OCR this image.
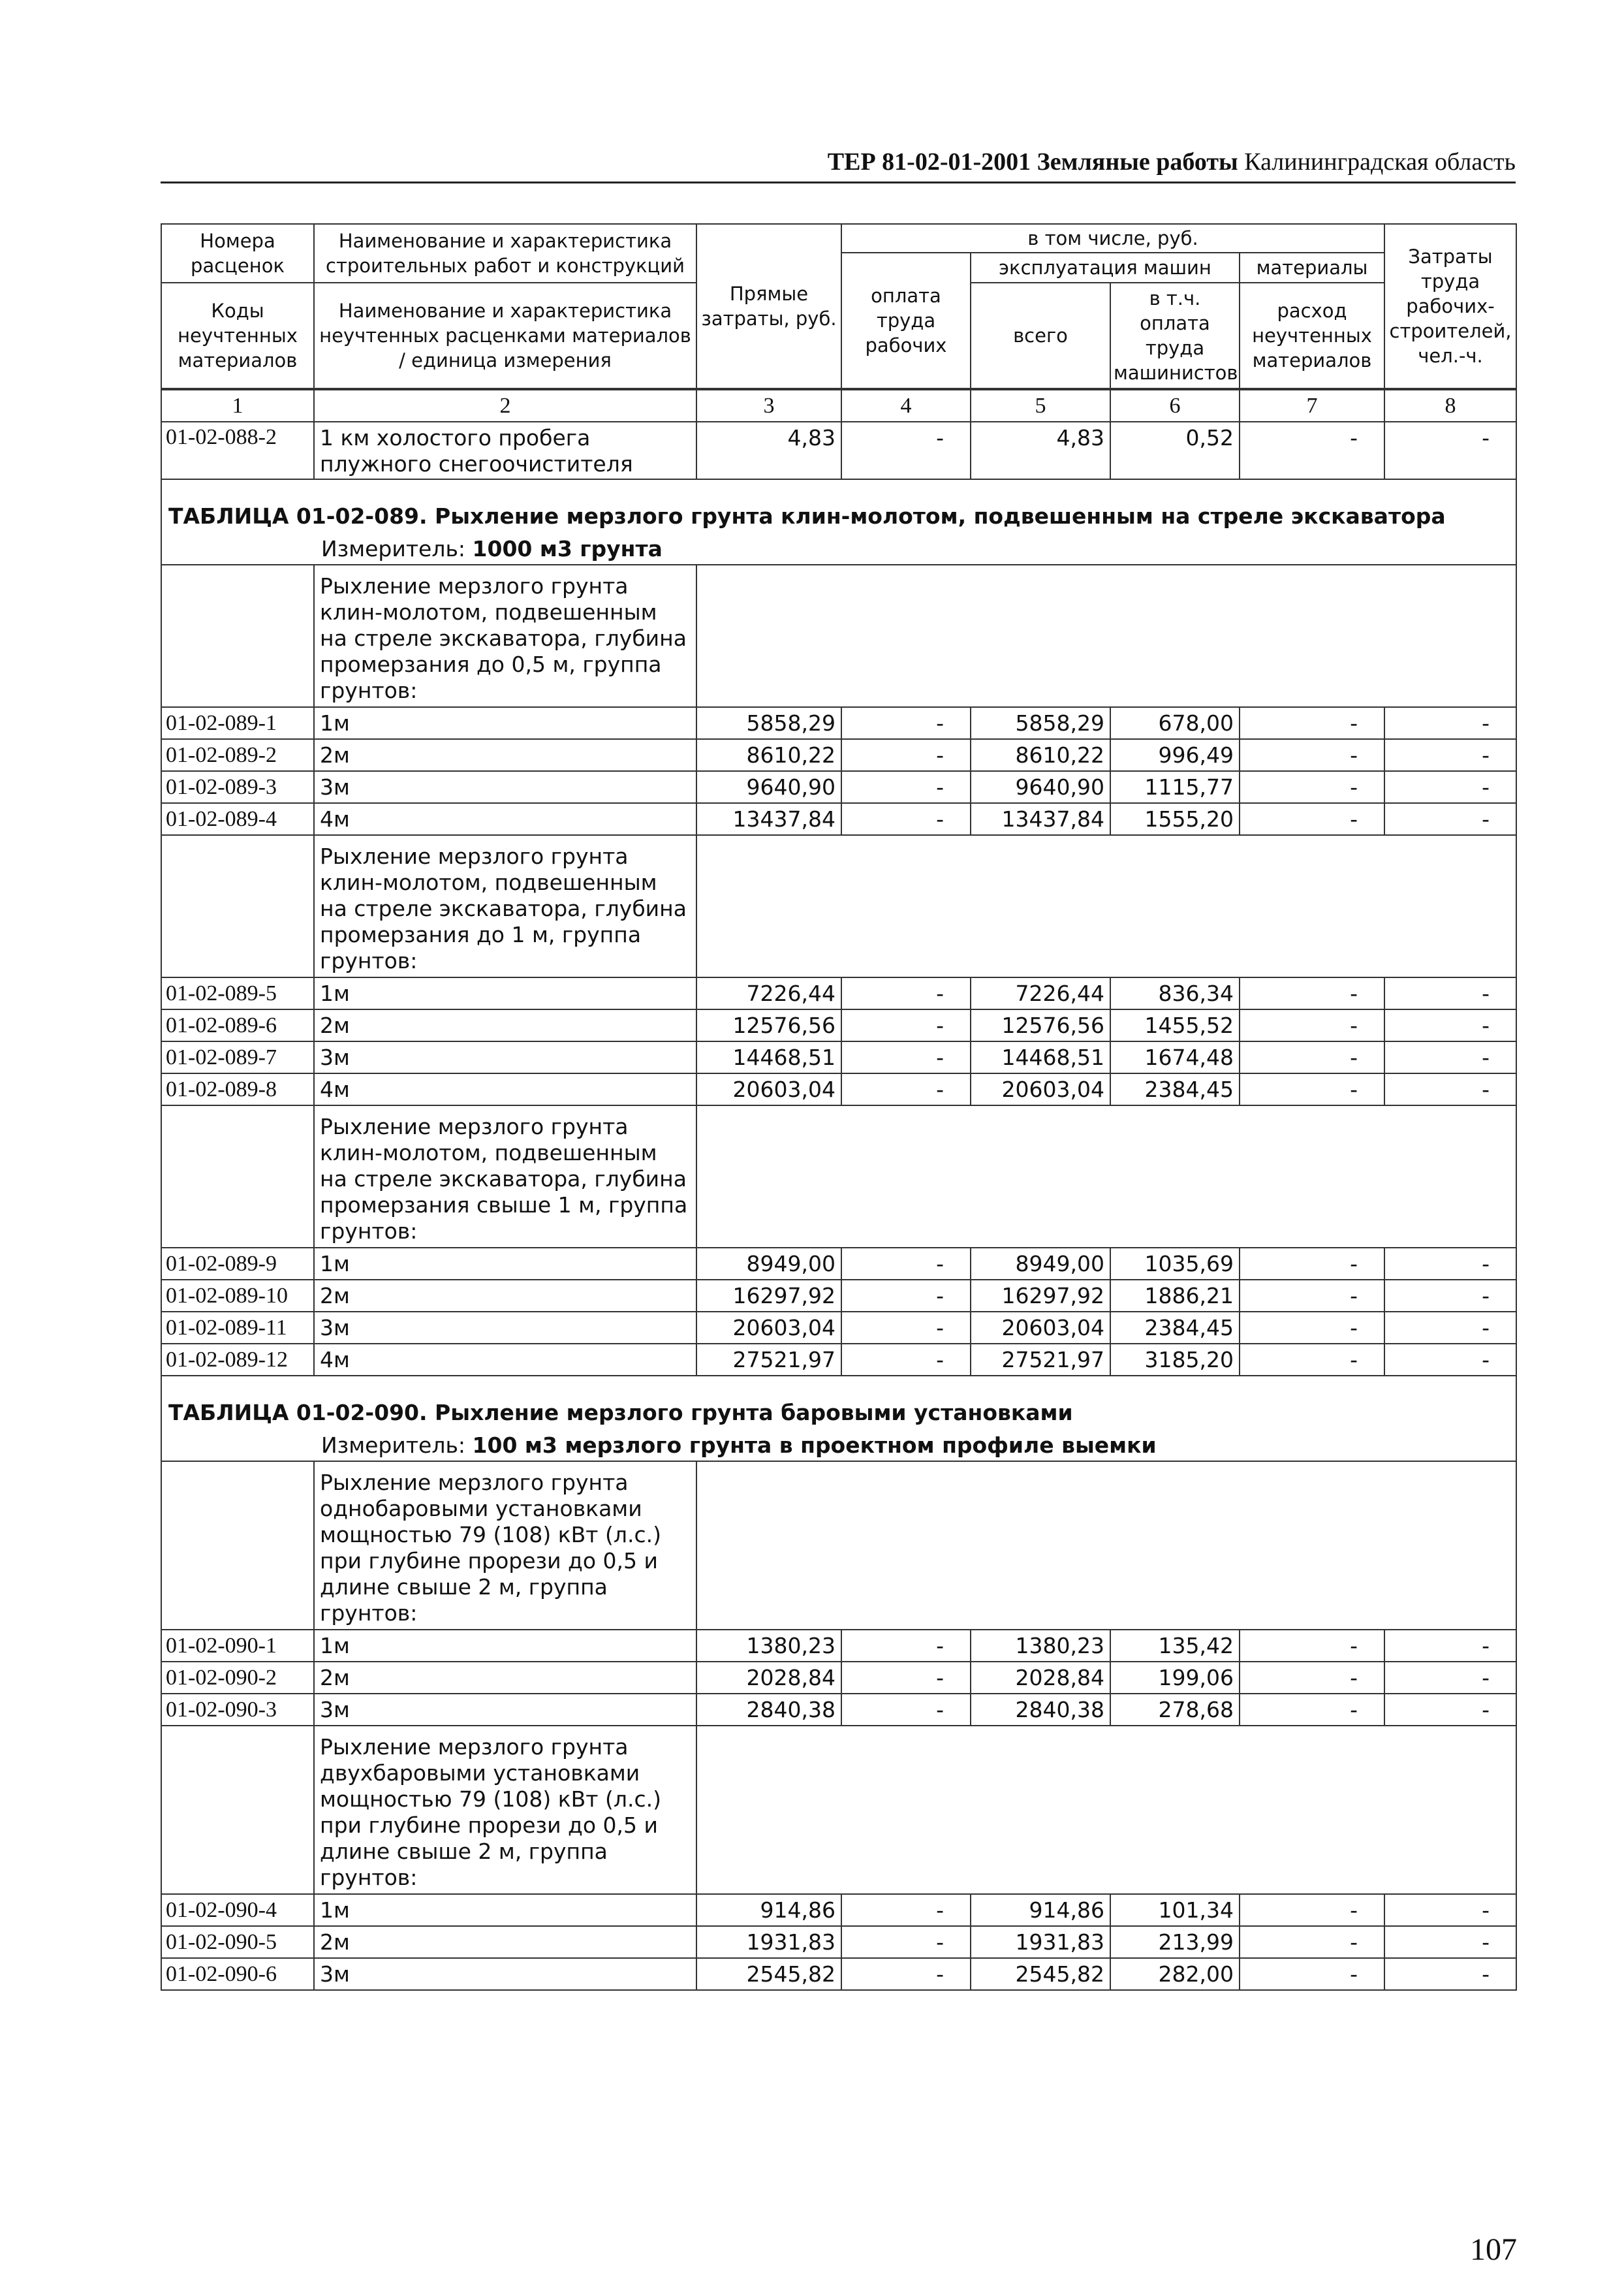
ТЕР 81-02-01-2001 Земляные работы Калининградская область
Номера расценок	Наименование и характеристика строительных работ и конструкций	Прямые затраты, руб.	в том числе, руб.				Затраты труда рабочих-строителей, чел.-ч.
			оплата труда рабочих	эксплуатация машин		материалы	
Коды неучтенных материалов	Наименование и характеристика неучтенных расценками материалов / единица измерения			всего	в т.ч. оплата труда машинистов	расход неучтенных материалов	

1	2	3	4	5	6	7	8
01-02-088-2	1 км холостого пробега плужного снегоочистителя	4,83	-	4,83	0,52	-	-
ТАБЛИЦА 01-02-089. Рыхление мерзлого грунта клин-молотом, подвешенным на стреле экскаватора							
Измеритель: 1000 м3 грунта							
	Рыхление мерзлого грунта клин-молотом, подвешенным на стреле экскаватора, глубина промерзания до 0,5 м, группа грунтов:						
01-02-089-1	1м	5858,29	-	5858,29	678,00	-	-
01-02-089-2	2м	8610,22	-	8610,22	996,49	-	-
01-02-089-3	3м	9640,90	-	9640,90	1115,77	-	-
01-02-089-4	4м	13437,84	-	13437,84	1555,20	-	-
	Рыхление мерзлого грунта клин-молотом, подвешенным на стреле экскаватора, глубина промерзания до 1 м, группа грунтов:						
01-02-089-5	1м	7226,44	-	7226,44	836,34	-	-
01-02-089-6	2м	12576,56	-	12576,56	1455,52	-	-
01-02-089-7	3м	14468,51	-	14468,51	1674,48	-	-
01-02-089-8	4м	20603,04	-	20603,04	2384,45	-	-
	Рыхление мерзлого грунта клин-молотом, подвешенным на стреле экскаватора, глубина промерзания свыше 1 м, группа грунтов:						
01-02-089-9	1м	8949,00	-	8949,00	1035,69	-	-
01-02-089-10	2м	16297,92	-	16297,92	1886,21	-	-
01-02-089-11	3м	20603,04	-	20603,04	2384,45	-	-
01-02-089-12	4м	27521,97	-	27521,97	3185,20	-	-
ТАБЛИЦА 01-02-090. Рыхление мерзлого грунта баровыми установками							
Измеритель: 100 м3 мерзлого грунта в проектном профиле выемки							
	Рыхление мерзлого грунта однобаровыми установками мощностью 79 (108) кВт (л.с.) при глубине прорези до 0,5 и длине свыше 2 м, группа грунтов:						
01-02-090-1	1м	1380,23	-	1380,23	135,42	-	-
01-02-090-2	2м	2028,84	-	2028,84	199,06	-	-
01-02-090-3	3м	2840,38	-	2840,38	278,68	-	-
	Рыхление мерзлого грунта двухбаровыми установками мощностью 79 (108) кВт (л.с.) при глубине прорези до 0,5 и длине свыше 2 м, группа грунтов:						
01-02-090-4	1м	914,86	-	914,86	101,34	-	-
01-02-090-5	2м	1931,83	-	1931,83	213,99	-	-
01-02-090-6	3м	2545,82	-	2545,82	282,00	-	-
107
